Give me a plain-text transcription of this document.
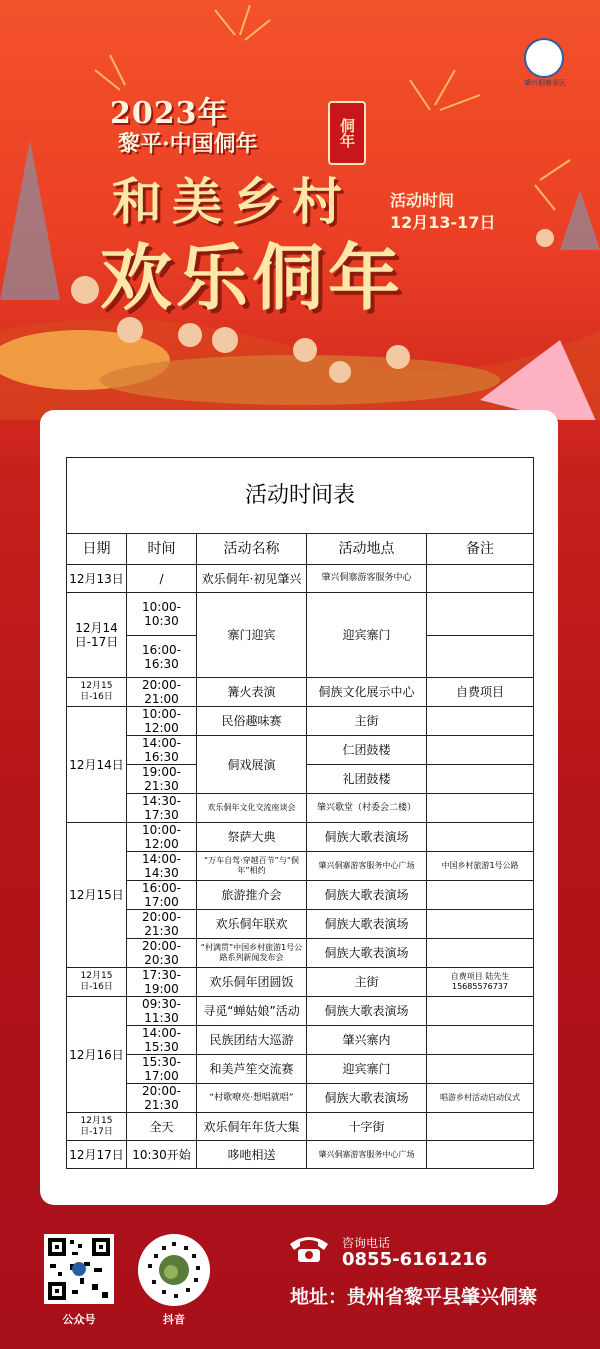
2023年
黎平·中国侗年	侗年
和美乡村
欢乐侗年
活动时间
12月13-17日
肇兴侗寨景区
活动时间表				
日期	时间	活动名称	活动地点	备注
12月13日	/	欢乐侗年·初见肇兴	肇兴侗寨游客服务中心	
12月14日-17日	10:00-10:30	寨门迎宾	迎宾寨门	
	16:00-16:30			
12月15日-16日	20:00-21:00	篝火表演	侗族文化展示中心	自费项目
12月14日	10:00-12:00	民俗趣味赛	主街	
	14:00-16:30	侗戏展演	仁团鼓楼	
	19:00-21:30		礼团鼓楼	
	14:30-17:30	欢乐侗年文化交流座谈会	肇兴歌堂（村委会二楼）	
12月15日	10:00-12:00	祭萨大典	侗族大歌表演场	
	14:00-14:30	“万车自驾·穿越百节”与“侗年”相约	肇兴侗寨游客服务中心广场	中国乡村旅游1号公路
	16:00-17:00	旅游推介会	侗族大歌表演场	
	20:00-21:30	欢乐侗年联欢	侗族大歌表演场	
	20:00-20:30	“村满贯”中国乡村旅游1号公路系列新闻发布会	侗族大歌表演场	
12月15日-16日	17:30-19:00	欢乐侗年团圆饭	主街	自费项目 陆先生 15685576737
12月16日	09:30-11:30	寻觅“蝉姑娘”活动	侗族大歌表演场	
	14:00-15:30	民族团结大巡游	肇兴寨内	
	15:30-17:00	和美芦笙交流赛	迎宾寨门	
	20:00-21:30	“村歌嘹亮·想唱就唱”	侗族大歌表演场	唱游乡村活动启动仪式
12月15日-17日	全天	欢乐侗年年货大集	十字街	
12月17日	10:30开始	哆吔相送	肇兴侗寨游客服务中心广场	
公众号	抖音
咨询电话
0855-6161216
地址：贵州省黎平县肇兴侗寨
